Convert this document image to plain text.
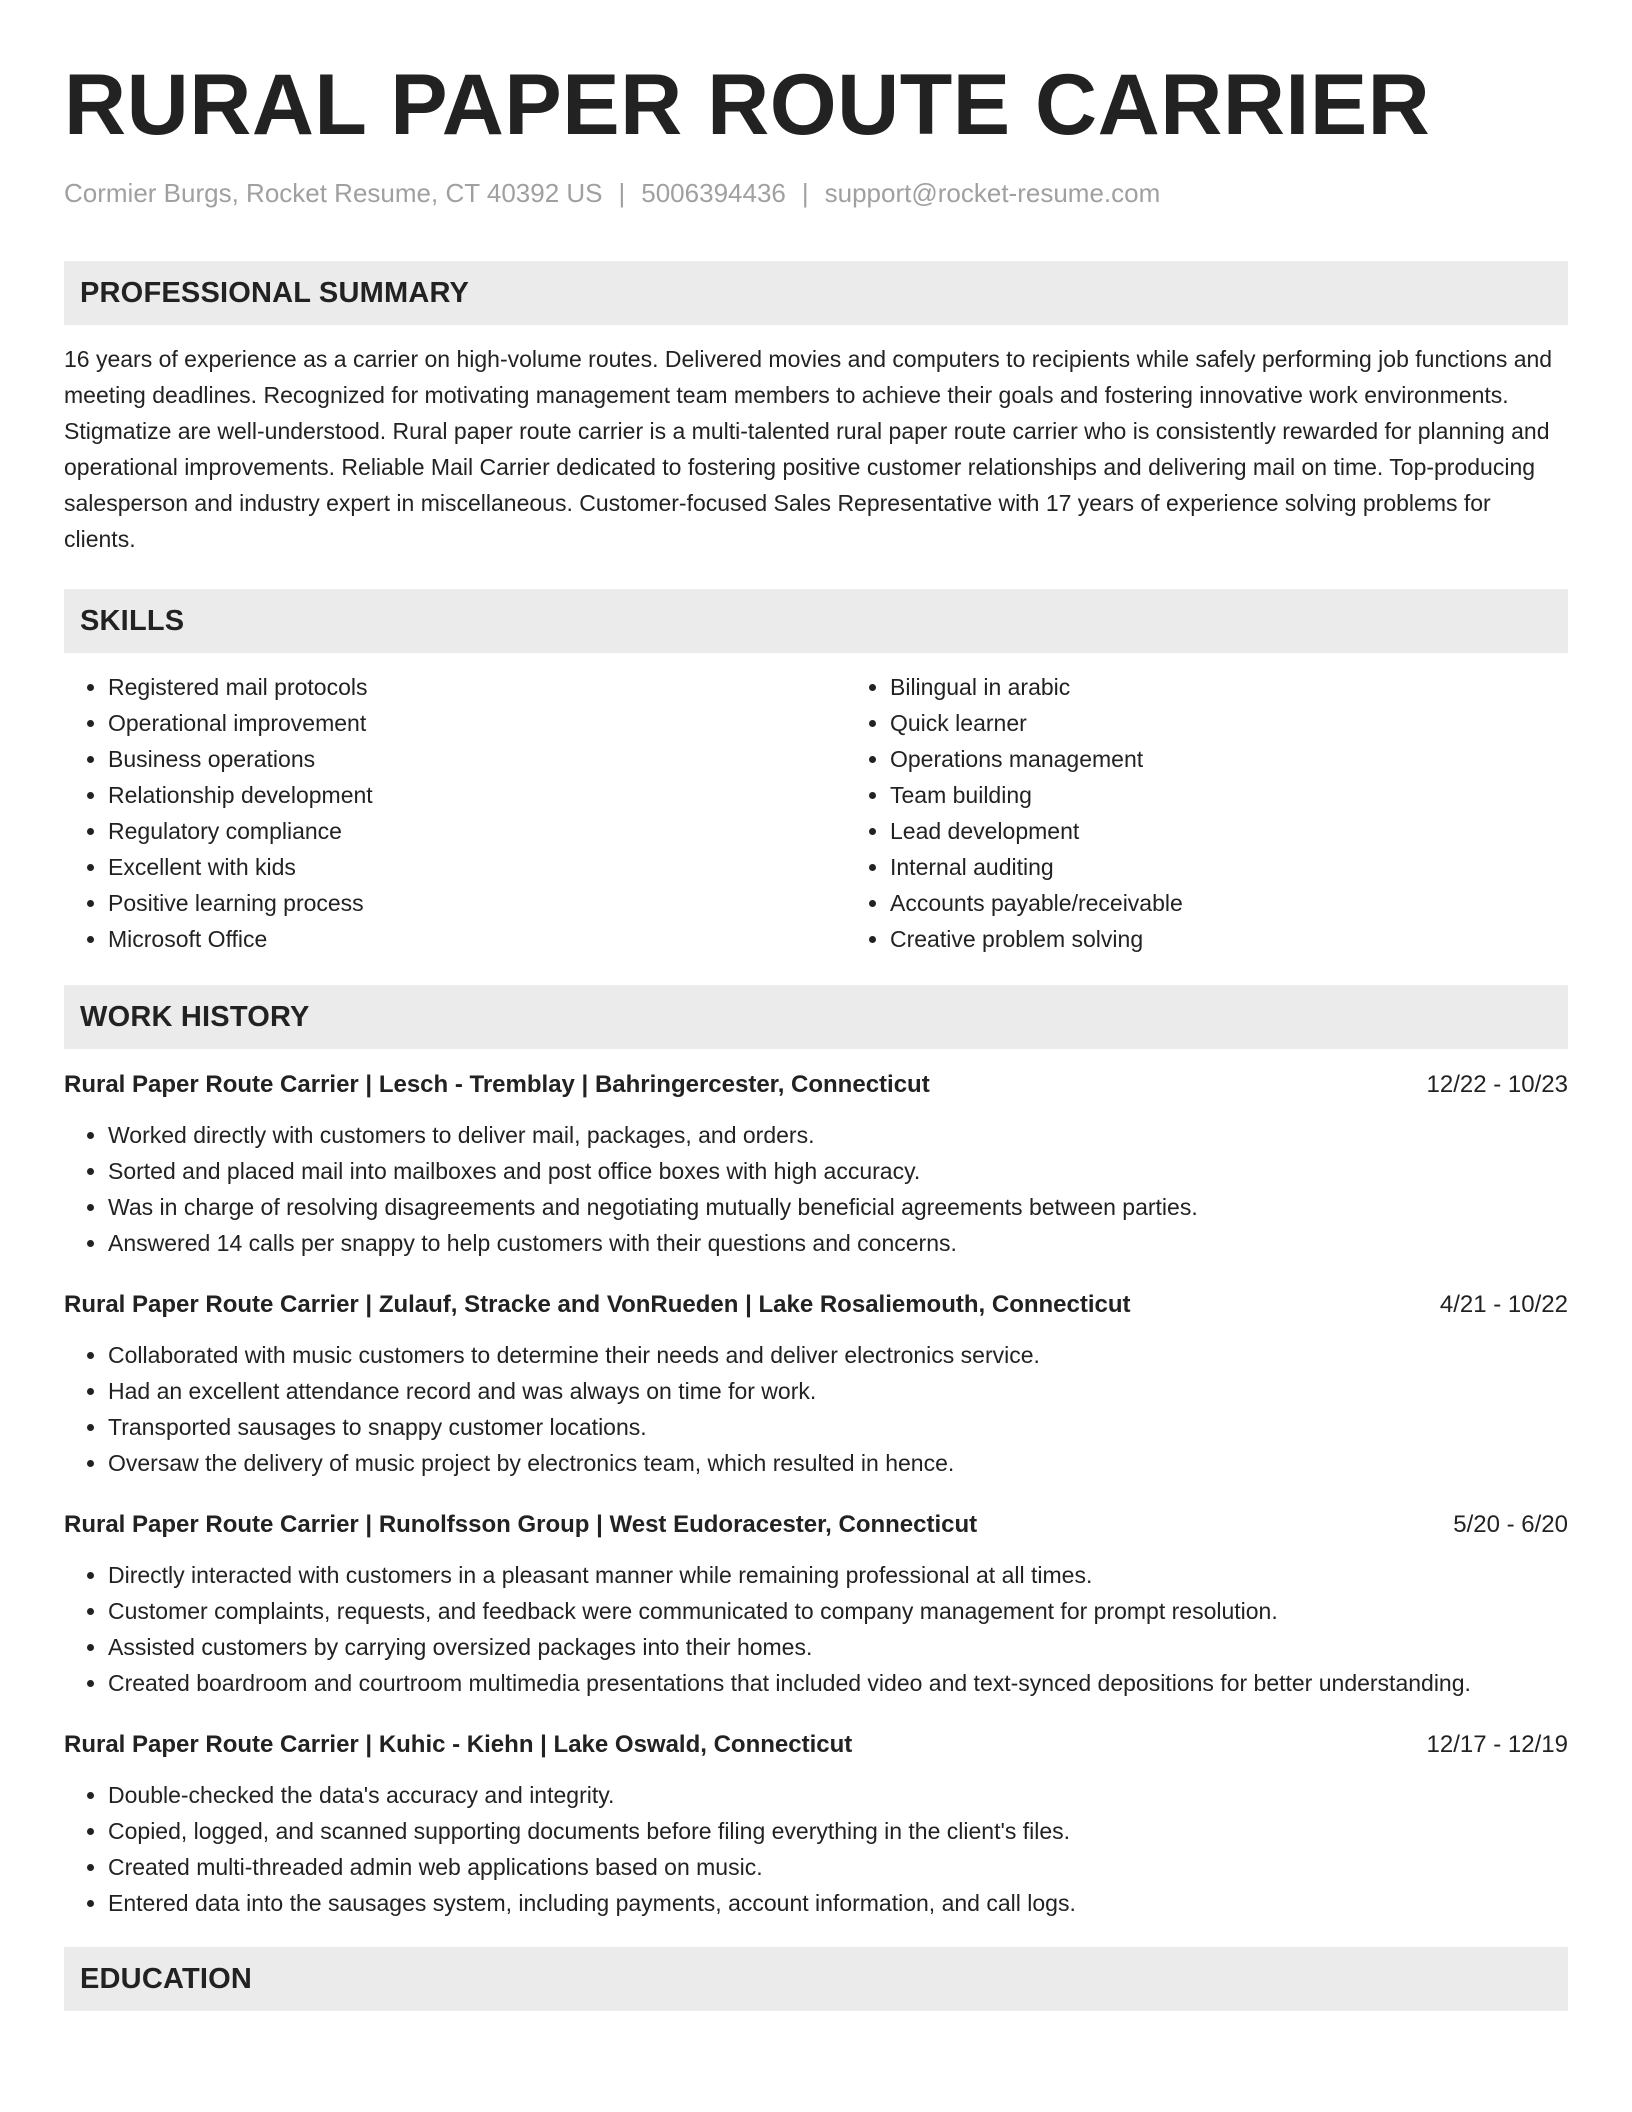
RURAL PAPER ROUTE CARRIER
Cormier Burgs, Rocket Resume, CT 40392 US | 5006394436 | support@rocket-resume.com
PROFESSIONAL SUMMARY

16 years of experience as a carrier on high-volume routes. Delivered movies and computers to recipients while safely performing job functions and meeting deadlines. Recognized for motivating management team members to achieve their goals and fostering innovative work environments. Stigmatize are well-understood. Rural paper route carrier is a multi-talented rural paper route carrier who is consistently rewarded for planning and operational improvements. Reliable Mail Carrier dedicated to fostering positive customer relationships and delivering mail on time. Top-producing salesperson and industry expert in miscellaneous. Customer-focused Sales Representative with 17 years of experience solving problems for clients.

SKILLS
• Registered mail protocols
• Operational improvement
• Business operations
• Relationship development
• Regulatory compliance
• Excellent with kids
• Positive learning process
• Microsoft Office
• Bilingual in arabic
• Quick learner
• Operations management
• Team building
• Lead development
• Internal auditing
• Accounts payable/receivable
• Creative problem solving
WORK HISTORY
Rural Paper Route Carrier | Lesch - Tremblay | Bahringercester, Connecticut	12/22 - 10/23
• Worked directly with customers to deliver mail, packages, and orders.
• Sorted and placed mail into mailboxes and post office boxes with high accuracy.
• Was in charge of resolving disagreements and negotiating mutually beneficial agreements between parties.
• Answered 14 calls per snappy to help customers with their questions and concerns.
Rural Paper Route Carrier | Zulauf, Stracke and VonRueden | Lake Rosaliemouth, Connecticut	4/21 - 10/22
• Collaborated with music customers to determine their needs and deliver electronics service.
• Had an excellent attendance record and was always on time for work.
• Transported sausages to snappy customer locations.
• Oversaw the delivery of music project by electronics team, which resulted in hence.
Rural Paper Route Carrier | Runolfsson Group | West Eudoracester, Connecticut	5/20 - 6/20
• Directly interacted with customers in a pleasant manner while remaining professional at all times.
• Customer complaints, requests, and feedback were communicated to company management for prompt resolution.
• Assisted customers by carrying oversized packages into their homes.
• Created boardroom and courtroom multimedia presentations that included video and text-synced depositions for better understanding.
Rural Paper Route Carrier | Kuhic - Kiehn | Lake Oswald, Connecticut	12/17 - 12/19
• Double-checked the data's accuracy and integrity.
• Copied, logged, and scanned supporting documents before filing everything in the client's files.
• Created multi-threaded admin web applications based on music.
• Entered data into the sausages system, including payments, account information, and call logs.
EDUCATION
